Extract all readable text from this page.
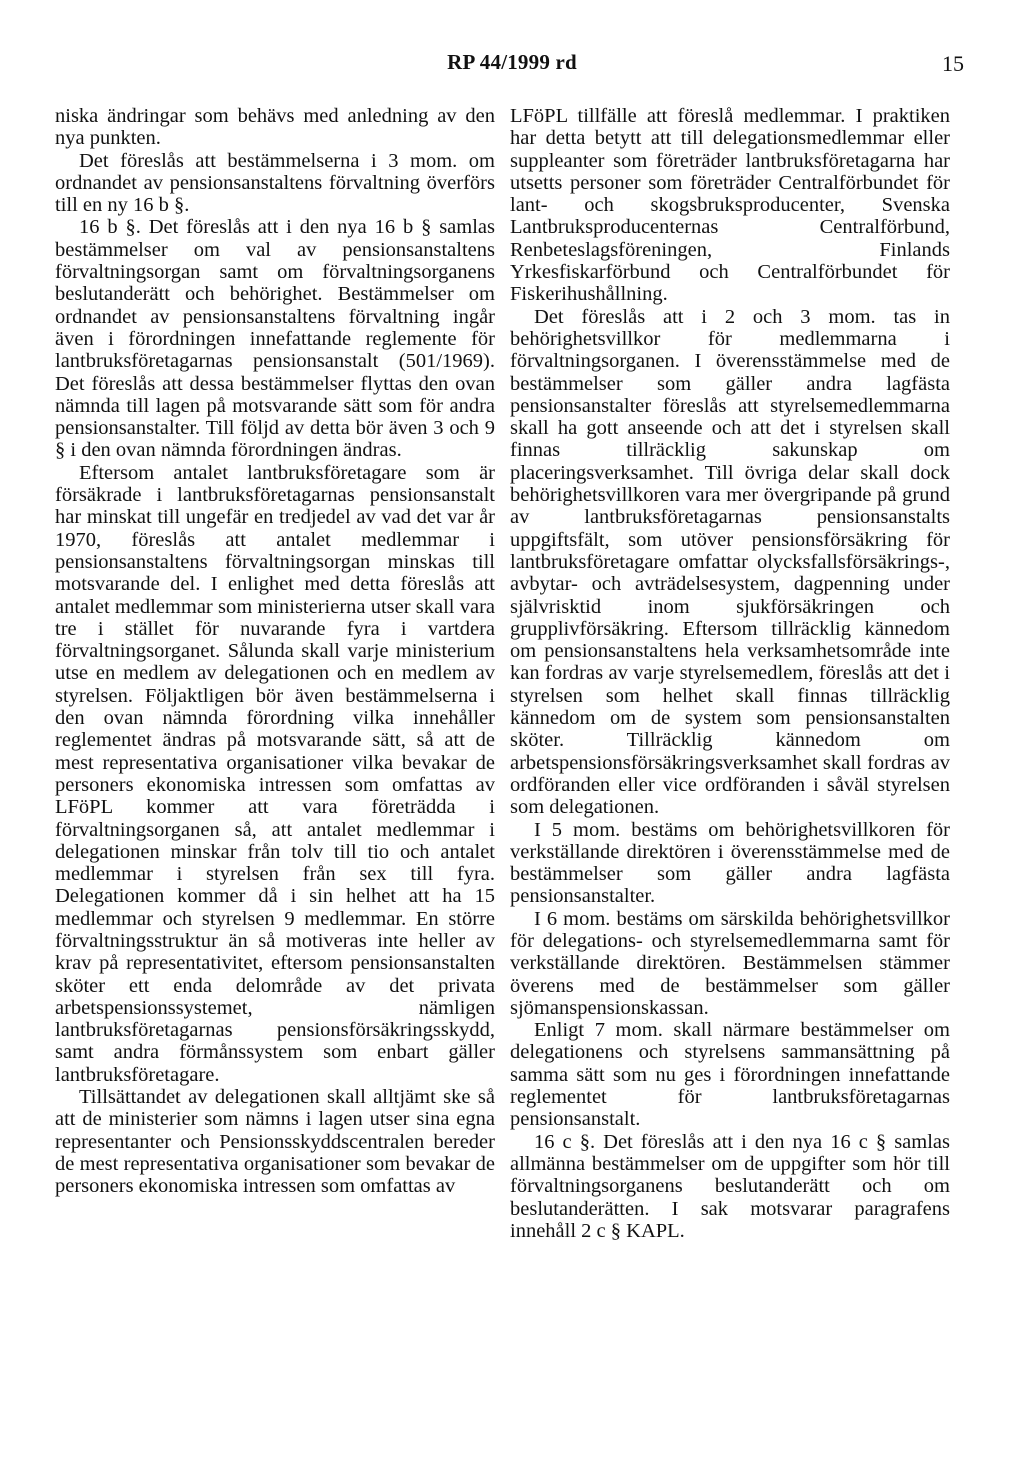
RP 44/1999 rd	15

niska ändringar som behävs med anledning av den nya punkten.

Det föreslås att bestämmelserna i 3 mom. om ordnandet av pensionsanstaltens förvaltning överförs till en ny 16 b §.

16 b §. Det föreslås att i den nya 16 b § samlas bestämmelser om val av pensionsanstaltens förvaltningsorgan samt om förvaltningsorganens beslutanderätt och behörighet. Bestämmelser om ordnandet av pensionsanstaltens förvaltning ingår även i förordningen innefattande reglemente för lantbruksföretagarnas pensionsanstalt (501/1969). Det föreslås att dessa bestämmelser flyttas den ovan nämnda till lagen på motsvarande sätt som för andra pensionsanstalter. Till följd av detta bör även 3 och 9 § i den ovan nämnda förordningen ändras.

Eftersom antalet lantbruksföretagare som är försäkrade i lantbruksföretagarnas pensionsanstalt har minskat till ungefär en tredjedel av vad det var år 1970, föreslås att antalet medlemmar i pensionsanstaltens förvaltningsorgan minskas till motsvarande del. I enlighet med detta föreslås att antalet medlemmar som ministerierna utser skall vara tre i stället för nuvarande fyra i vartdera förvaltningsorganet. Sålunda skall varje ministerium utse en medlem av delegationen och en medlem av styrelsen. Följaktligen bör även bestämmelserna i den ovan nämnda förordning vilka innehåller reglementet ändras på motsvarande sätt, så att de mest representativa organisationer vilka bevakar de personers ekonomiska intressen som omfattas av LFöPL kommer att vara företrädda i förvaltningsorganen så, att antalet medlemmar i delegationen minskar från tolv till tio och antalet medlemmar i styrelsen från sex till fyra. Delegationen kommer då i sin helhet att ha 15 medlemmar och styrelsen 9 medlemmar. En större förvaltningsstruktur än så motiveras inte heller av krav på representativitet, eftersom pensionsanstalten sköter ett enda delområde av det privata arbetspensionssystemet, nämligen lantbruksföretagarnas pensionsförsäkringsskydd, samt andra förmånssystem som enbart gäller lantbruksföretagare.

Tillsättandet av delegationen skall alltjämt ske så att de ministerier som nämns i lagen utser sina egna representanter och Pensionsskyddscentralen bereder de mest representativa organisationer som bevakar de personers ekonomiska intressen som omfattas av

LFöPL tillfälle att föreslå medlemmar. I praktiken har detta betytt att till delegationsmedlemmar eller suppleanter som företräder lantbruksföretagarna har utsetts personer som företräder Centralförbundet för lant- och skogsbruksproducenter, Svenska Lantbruksproducenternas Centralförbund, Renbeteslagsföreningen, Finlands Yrkesfiskarförbund och Centralförbundet för Fiskerihushållning.

Det föreslås att i 2 och 3 mom. tas in behörighetsvillkor för medlemmarna i förvaltningsorganen. I överensstämmelse med de bestämmelser som gäller andra lagfästa pensionsanstalter föreslås att styrelsemedlemmarna skall ha gott anseende och att det i styrelsen skall finnas tillräcklig sakunskap om placeringsverksamhet. Till övriga delar skall dock behörighetsvillkoren vara mer övergripande på grund av lantbruksföretagarnas pensionsanstalts uppgiftsfält, som utöver pensionsförsäkring för lantbruksföretagare omfattar olycksfallsförsäkrings-, avbytar- och avträdelsesystem, dagpenning under självrisktid inom sjukförsäkringen och grupplivförsäkring. Eftersom tillräcklig kännedom om pensionsanstaltens hela verksamhetsområde inte kan fordras av varje styrelsemedlem, föreslås att det i styrelsen som helhet skall finnas tillräcklig kännedom om de system som pensionsanstalten sköter. Tillräcklig kännedom om arbetspensionsförsäkringsverksamhet skall fordras av ordföranden eller vice ordföranden i såväl styrelsen som delegationen.

I 5 mom. bestäms om behörighetsvillkoren för verkställande direktören i överensstämmelse med de bestämmelser som gäller andra lagfästa pensionsanstalter.

I 6 mom. bestäms om särskilda behörighetsvillkor för delegations- och styrelsemedlemmarna samt för verkställande direktören. Bestämmelsen stämmer överens med de bestämmelser som gäller sjömanspensionskassan.

Enligt 7 mom. skall närmare bestämmelser om delegationens och styrelsens sammansättning på samma sätt som nu ges i förordningen innefattande reglementet för lantbruksföretagarnas pensionsanstalt.

16 c §. Det föreslås att i den nya 16 c § samlas allmänna bestämmelser om de uppgifter som hör till förvaltningsorganens beslutanderätt och om beslutanderätten. I sak motsvarar paragrafens innehåll 2 c § KAPL.
